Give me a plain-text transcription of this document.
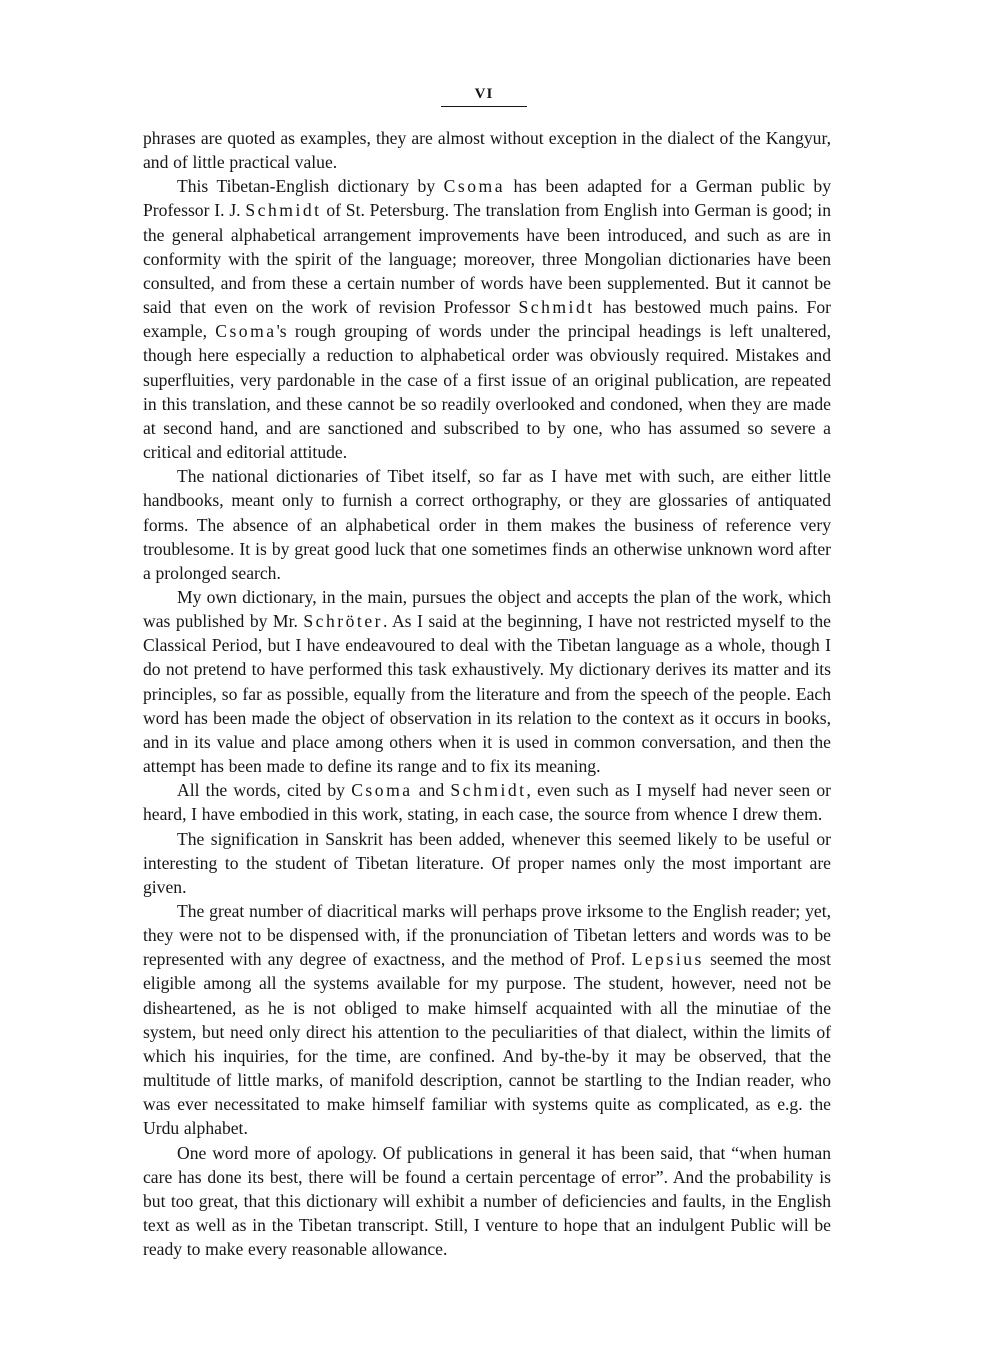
VI

phrases are quoted as examples, they are almost without exception in the dialect of the Kangyur, and of little practical value.

This Tibetan-English dictionary by Csoma has been adapted for a German public by Professor I. J. Schmidt of St. Petersburg. The translation from English into German is good; in the general alphabetical arrangement improvements have been introduced, and such as are in conformity with the spirit of the language; moreover, three Mongolian dictionaries have been consulted, and from these a certain number of words have been supplemented. But it cannot be said that even on the work of revision Professor Schmidt has bestowed much pains. For example, Csoma's rough grouping of words under the principal headings is left unaltered, though here especially a reduction to alphabetical order was obviously required. Mistakes and superfluities, very pardonable in the case of a first issue of an original publication, are repeated in this translation, and these cannot be so readily overlooked and condoned, when they are made at second hand, and are sanctioned and subscribed to by one, who has assumed so severe a critical and editorial attitude.

The national dictionaries of Tibet itself, so far as I have met with such, are either little handbooks, meant only to furnish a correct orthography, or they are glossaries of antiquated forms. The absence of an alphabetical order in them makes the business of reference very troublesome. It is by great good luck that one sometimes finds an otherwise unknown word after a prolonged search.

My own dictionary, in the main, pursues the object and accepts the plan of the work, which was published by Mr. Schröter. As I said at the beginning, I have not restricted myself to the Classical Period, but I have endeavoured to deal with the Tibetan language as a whole, though I do not pretend to have performed this task exhaustively. My dictionary derives its matter and its principles, so far as possible, equally from the literature and from the speech of the people. Each word has been made the object of observation in its relation to the context as it occurs in books, and in its value and place among others when it is used in common conversation, and then the attempt has been made to define its range and to fix its meaning.

All the words, cited by Csoma and Schmidt, even such as I myself had never seen or heard, I have embodied in this work, stating, in each case, the source from whence I drew them.

The signification in Sanskrit has been added, whenever this seemed likely to be useful or interesting to the student of Tibetan literature. Of proper names only the most important are given.

The great number of diacritical marks will perhaps prove irksome to the English reader; yet, they were not to be dispensed with, if the pronunciation of Tibetan letters and words was to be represented with any degree of exactness, and the method of Prof. Lepsius seemed the most eligible among all the systems available for my purpose. The student, however, need not be disheartened, as he is not obliged to make himself acquainted with all the minutiae of the system, but need only direct his attention to the peculiarities of that dialect, within the limits of which his inquiries, for the time, are confined. And by-the-by it may be observed, that the multitude of little marks, of manifold description, cannot be startling to the Indian reader, who was ever necessitated to make himself familiar with systems quite as complicated, as e.g. the Urdu alphabet.

One word more of apology. Of publications in general it has been said, that “when human care has done its best, there will be found a certain percentage of error”. And the probability is but too great, that this dictionary will exhibit a number of deficiencies and faults, in the English text as well as in the Tibetan transcript. Still, I venture to hope that an indulgent Public will be ready to make every reasonable allowance.
